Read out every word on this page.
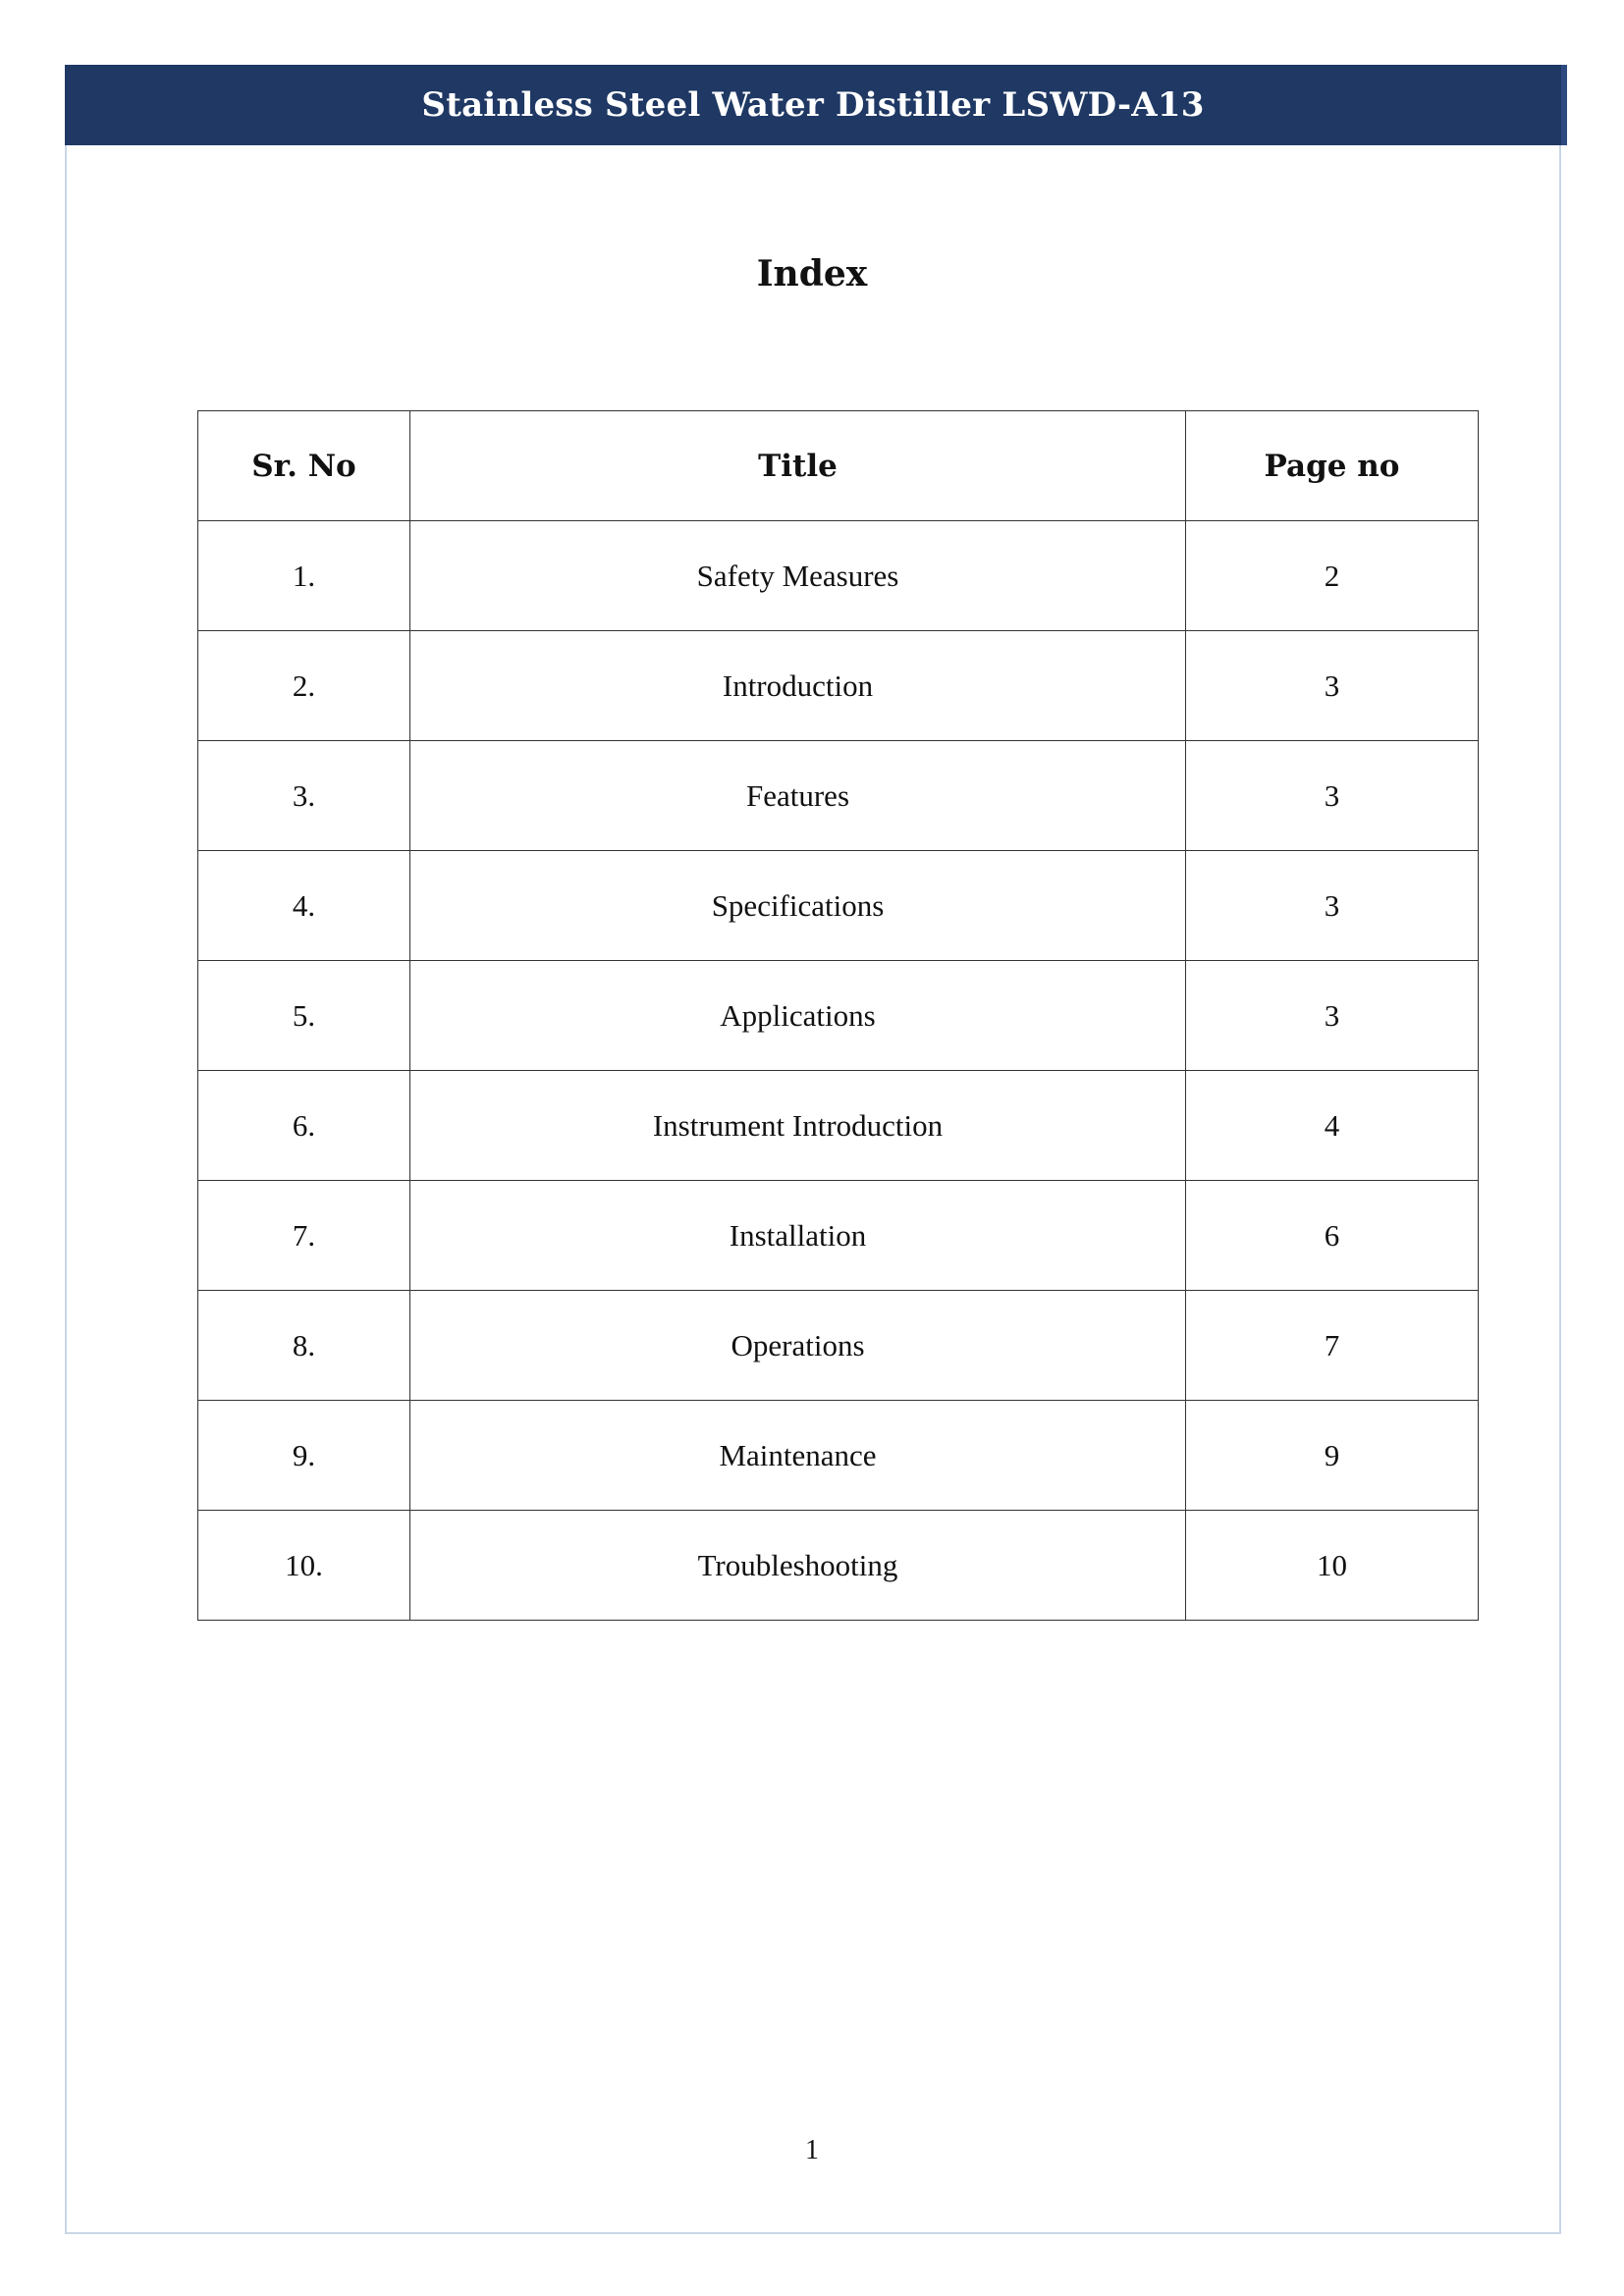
Stainless Steel Water Distiller LSWD-A13
Index
Sr. No	Title	Page no
1.	Safety Measures	2
2.	Introduction	3
3.	Features	3
4.	Specifications	3
5.	Applications	3
6.	Instrument Introduction	4
7.	Installation	6
8.	Operations	7
9.	Maintenance	9
10.	Troubleshooting	10
1
